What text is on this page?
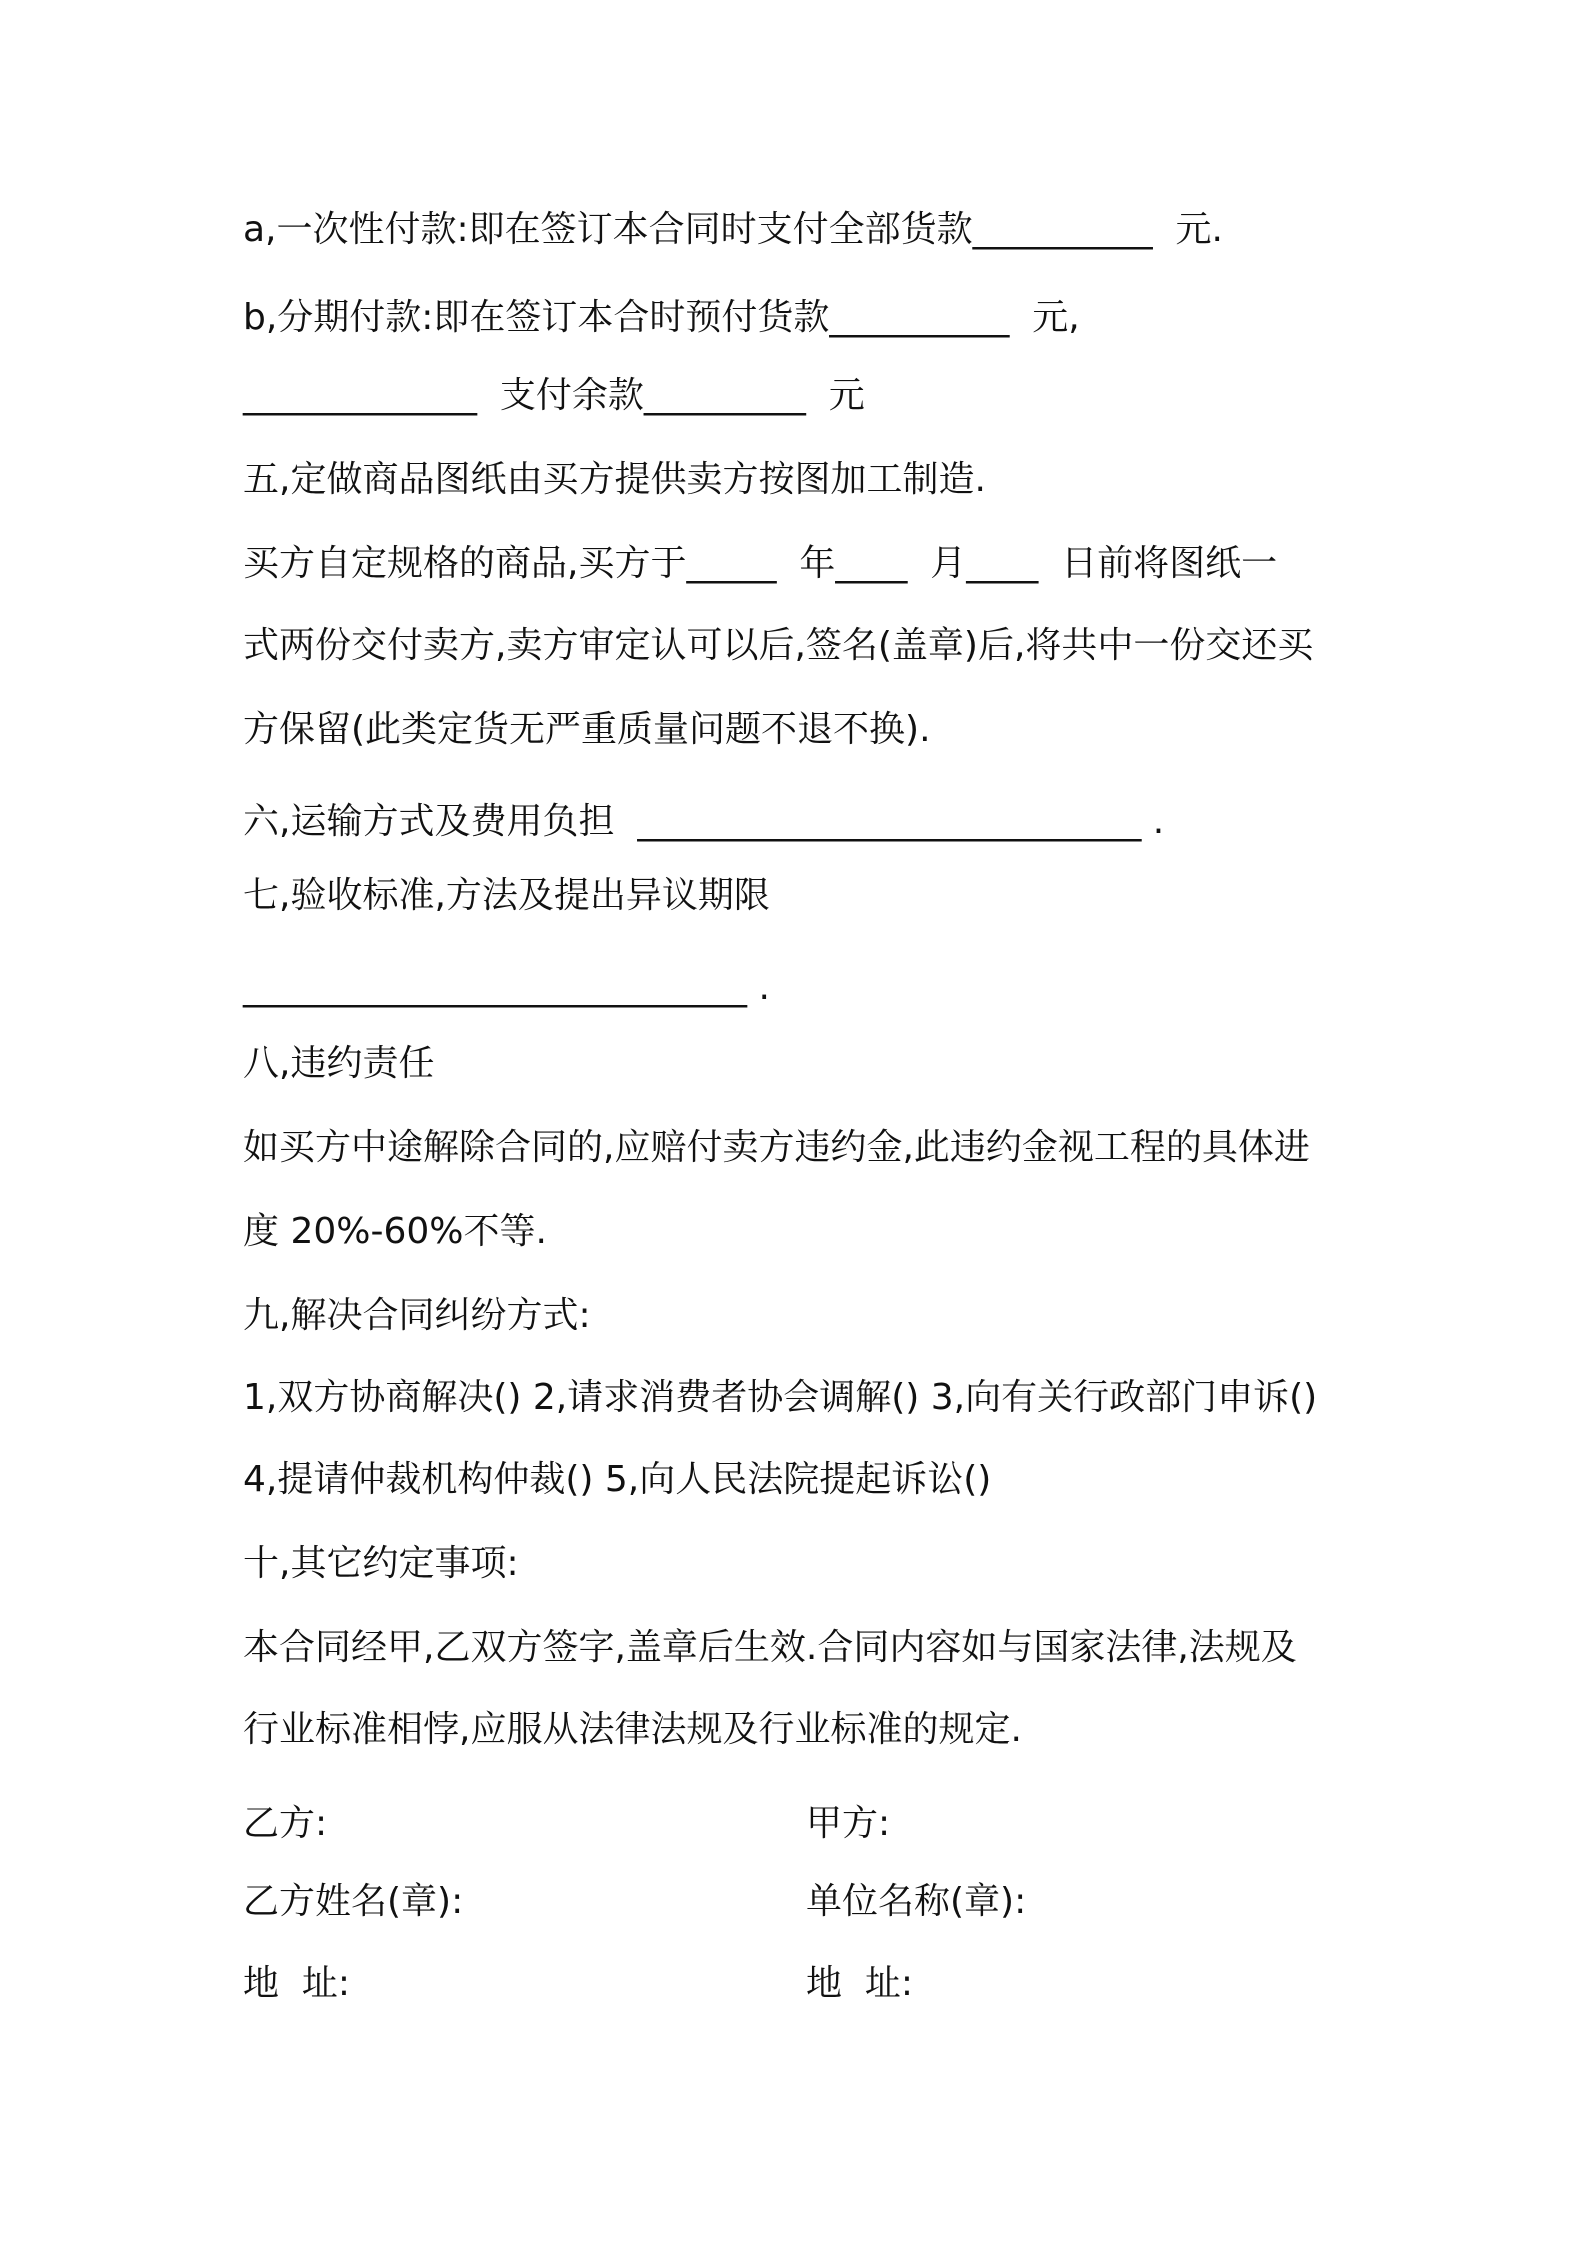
a,一次性付款:即在签订本合同时支付全部货款__________  元.
b,分期付款:即在签订本合时预付货款__________  元,
_____________  支付余款_________  元
五,定做商品图纸由买方提供卖方按图加工制造.
买方自定规格的商品,买方于_____  年____  月____  日前将图纸一
式两份交付卖方,卖方审定认可以后,签名(盖章)后,将共中一份交还买
方保留(此类定货无严重质量问题不退不换).
六,运输方式及费用负担  ____________________________ .
七,验收标准,方法及提出异议期限
____________________________ .
八,违约责任
如买方中途解除合同的,应赔付卖方违约金,此违约金视工程的具体进
度 20%-60%不等.
九,解决合同纠纷方式:
1,双方协商解决() 2,请求消费者协会调解() 3,向有关行政部门申诉()
4,提请仲裁机构仲裁() 5,向人民法院提起诉讼()
十,其它约定事项:
本合同经甲,乙双方签字,盖章后生效.合同内容如与国家法律,法规及
行业标准相悖,应服从法律法规及行业标准的规定.
乙方:	甲方:
乙方姓名(章):	单位名称(章):
地  址:	地  址:
